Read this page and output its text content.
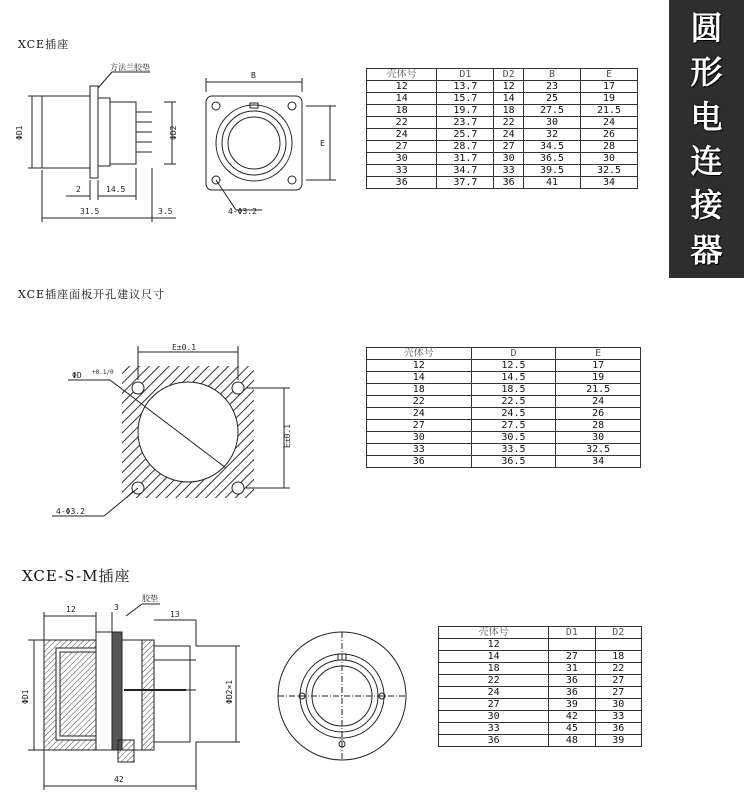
圆
形
电
连
接
器
XCE插座
XCE插座面板开孔建议尺寸
XCE-S-M插座
方法兰胶垫
ΦD1	ΦD2
2	14.5
31.5	3.5
B
E
4-Φ3.2
E±0.1
E±0.1
ΦD +0.1/0
4-Φ3.2
12	3
胶垫
13
ΦD1	ΦD2×1
42
壳体号	D1	D2	B	E
12	13.7	12	23	17
14	15.7	14	25	19
18	19.7	18	27.5	21.5
22	23.7	22	30	24
24	25.7	24	32	26
27	28.7	27	34.5	28
30	31.7	30	36.5	30
33	34.7	33	39.5	32.5
36	37.7	36	41	34
壳体号	D	E
12	12.5	17
14	14.5	19
18	18.5	21.5
22	22.5	24
24	24.5	26
27	27.5	28
30	30.5	30
33	33.5	32.5
36	36.5	34
壳体号	D1	D2
12		
14	27	18
18	31	22
22	36	27
24	36	27
27	39	30
30	42	33
33	45	36
36	48	39
